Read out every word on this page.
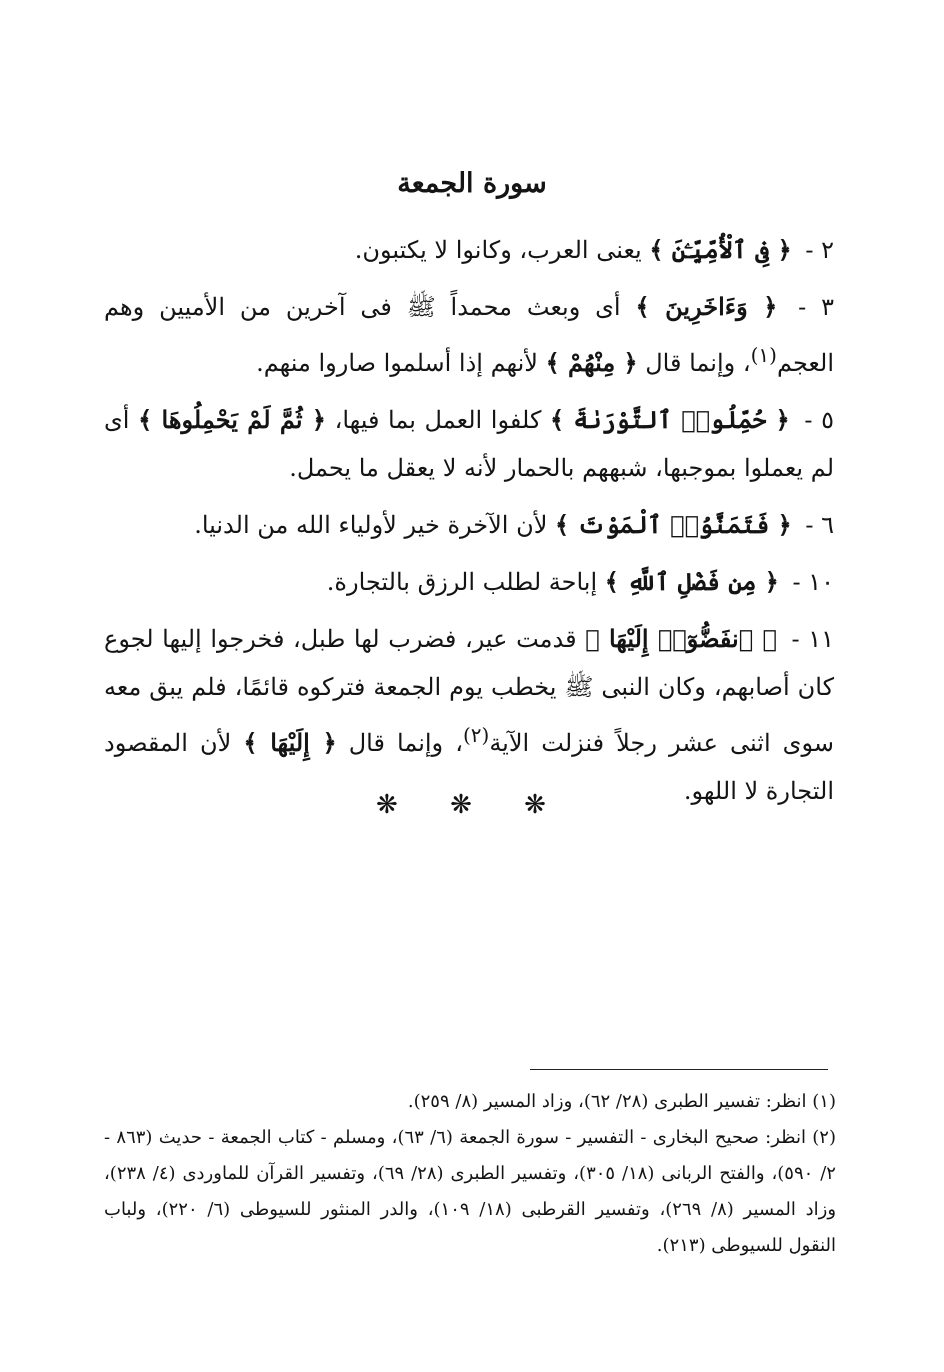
سورة الجمعة

٢ - ﴿ فِى ٱلْأُمِّيِّـۧنَ ﴾ يعنى العرب، وكانوا لا يكتبون.

٣ - ﴿ وَءَاخَرِينَ ﴾ أى وبعث محمداً ﷺ فى آخرين من الأميين وهم العجم$^{(١)}$، وإنما قال ﴿ مِنْهُمْ ﴾ لأنهم إذا أسلموا صاروا منهم.

٥ - ﴿ حُمِّلُوا۟ ٱلتَّوْرَىٰةَ ﴾ كلفوا العمل بما فيها، ﴿ ثُمَّ لَمْ يَحْمِلُوهَا ﴾ أى لم يعملوا بموجبها، شبههم بالحمار لأنه لا يعقل ما يحمل.

٦ - ﴿ فَتَمَنَّوُا۟ ٱلْمَوْتَ ﴾ لأن الآخرة خير لأولياء الله من الدنيا.

١٠ - ﴿ مِن فَضْلِ ٱللَّهِ ﴾ إباحة لطلب الرزق بالتجارة.

١١ - ﴿ ٱنفَضُّوٓا۟ إِلَيْهَا ﴾ قدمت عير، فضرب لها طبل، فخرجوا إليها لجوع كان أصابهم، وكان النبى ﷺ يخطب يوم الجمعة فتركوه قائمًا، فلم يبق معه سوى اثنى عشر رجلاً فنزلت الآية$^{(٢)}$، وإنما قال ﴿ إِلَيْهَا ﴾ لأن المقصود التجارة لا اللهو.

❋ ❋ ❋

(١) انظر: تفسير الطبرى (٢٨/ ٦٢)، وزاد المسير (٨/ ٢٥٩).

(٢) انظر: صحيح البخارى - التفسير - سورة الجمعة (٦/ ٦٣)، ومسلم - كتاب الجمعة - حديث (٨٦٣ - ٢/ ٥٩٠)، والفتح الربانى (١٨/ ٣٠٥)، وتفسير الطبرى (٢٨/ ٦٩)، وتفسير القرآن للماوردى (٤/ ٢٣٨)، وزاد المسير (٨/ ٢٦٩)، وتفسير القرطبى (١٨/ ١٠٩)، والدر المنثور للسيوطى (٦/ ٢٢٠)، ولباب النقول للسيوطى (٢١٣).
